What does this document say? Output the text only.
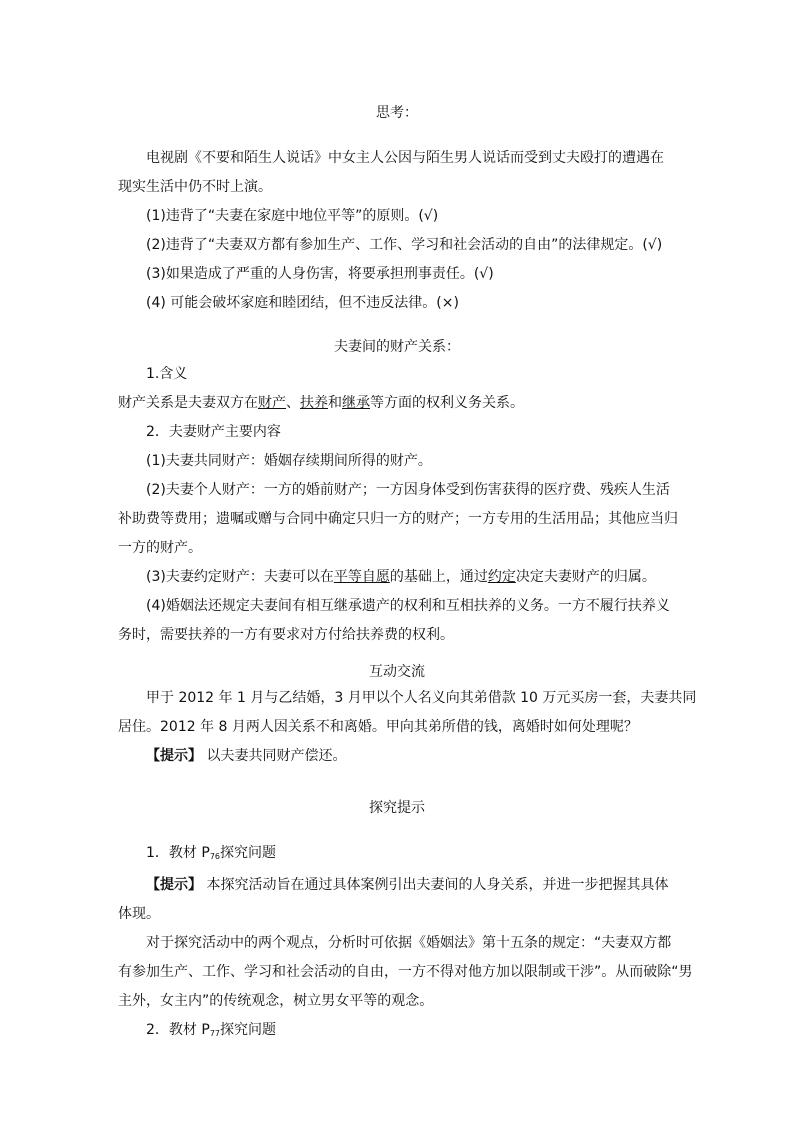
思考：
电视剧《不要和陌生人说话》中女主人公因与陌生男人说话而受到丈夫殴打的遭遇在
现实生活中仍不时上演。
(1)违背了“夫妻在家庭中地位平等”的原则。(√)
(2)违背了“夫妻双方都有参加生产、工作、学习和社会活动的自由”的法律规定。(√)
(3)如果造成了严重的人身伤害，将要承担刑事责任。(√)
(4) 可能会破坏家庭和睦团结，但不违反法律。(×)
夫妻间的财产关系：
1.含义
财产关系是夫妻双方在财产、扶养和继承等方面的权利义务关系。
2．夫妻财产主要内容
(1)夫妻共同财产：婚姻存续期间所得的财产。
(2)夫妻个人财产：一方的婚前财产；一方因身体受到伤害获得的医疗费、残疾人生活
补助费等费用；遗嘱或赠与合同中确定只归一方的财产；一方专用的生活用品；其他应当归
一方的财产。
(3)夫妻约定财产：夫妻可以在平等自愿的基础上，通过约定决定夫妻财产的归属。
(4)婚姻法还规定夫妻间有相互继承遗产的权利和互相扶养的义务。一方不履行扶养义
务时，需要扶养的一方有要求对方付给扶养费的权利。
互动交流
甲于 2012 年 1 月与乙结婚，3 月甲以个人名义向其弟借款 10 万元买房一套，夫妻共同
居住。2012 年 8 月两人因关系不和离婚。甲向其弟所借的钱，离婚时如何处理呢？
【提示】 以夫妻共同财产偿还。
探究提示
1．教材 $P_{76}$探究问题
【提示】 本探究活动旨在通过具体案例引出夫妻间的人身关系，并进一步把握其具体
体现。
对于探究活动中的两个观点，分析时可依据《婚姻法》第十五条的规定：“夫妻双方都
有参加生产、工作、学习和社会活动的自由，一方不得对他方加以限制或干涉”。从而破除“男
主外，女主内”的传统观念，树立男女平等的观念。
2．教材 $P_{77}$探究问题
